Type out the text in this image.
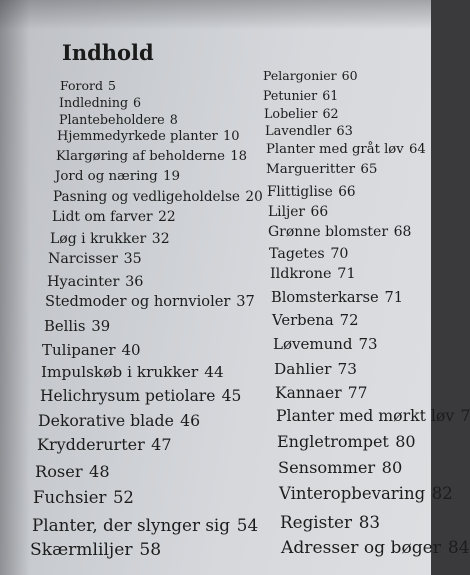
Indhold
Forord 5
Indledning 6
Plantebeholdere 8
Hjemmedyrkede planter 10
Klargøring af beholderne 18
Jord og næring 19
Pasning og vedligeholdelse 20
Lidt om farver 22
Løg i krukker 32
Narcisser 35
Hyacinter 36
Stedmoder og hornvioler 37
Bellis 39
Tulipaner 40
Impulskøb i krukker 44
Helichrysum petiolare 45
Dekorative blade 46
Krydderurter 47
Roser 48
Fuchsier 52
Planter, der slynger sig 54
Skærmliljer 58
Pelargonier 60
Petunier 61
Lobelier 62
Lavendler 63
Planter med gråt løv 64
Margueritter 65
Flittiglise 66
Liljer 66
Grønne blomster 68
Tagetes 70
Ildkrone 71
Blomsterkarse 71
Verbena 72
Løvemund 73
Dahlier 73
Kannaer 77
Planter med mørkt løv 7
Engletrompet 80
Sensommer 80
Vinteropbevaring 82
Register 83
Adresser og bøger 84
